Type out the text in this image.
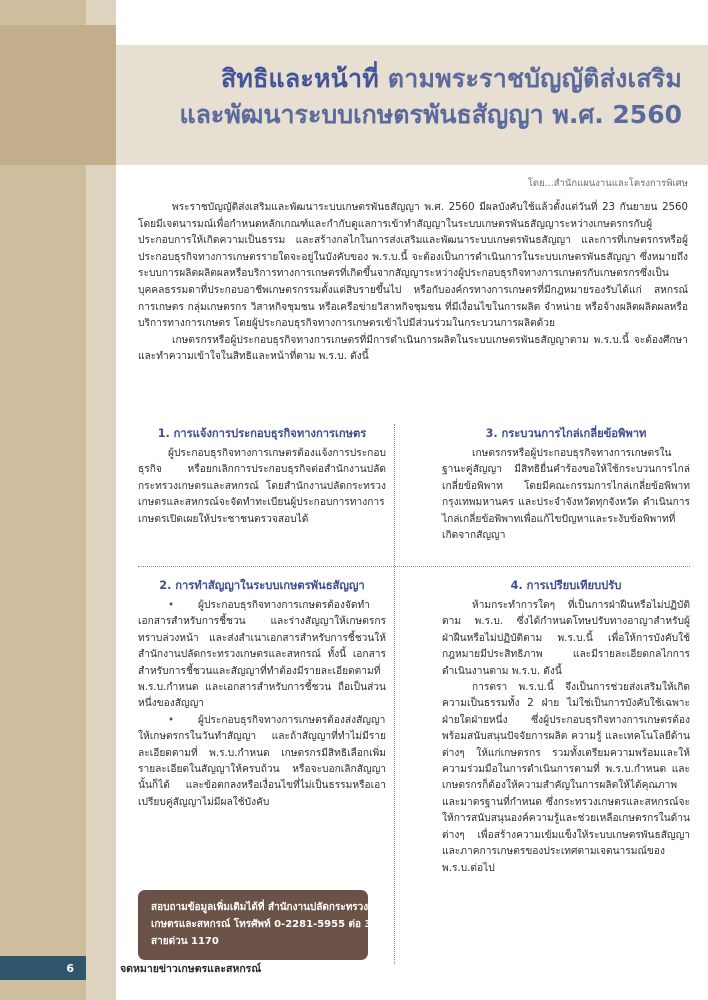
สิทธิและหน้าที่ ตามพระราชบัญญัติส่งเสริม
และพัฒนาระบบเกษตรพันธสัญญา พ.ศ. 2560
โดย...สำนักแผนงานและโครงการพิเศษ

พระราชบัญญัติส่งเสริมและพัฒนาระบบเกษตรพันธสัญญา พ.ศ. 2560 มีผลบังคับใช้แล้วตั้งแต่วันที่ 23 กันยายน 2560 โดยมีเจตนารมณ์เพื่อกำหนดหลักเกณฑ์และกำกับดูแลการเข้าทำสัญญาในระบบเกษตรพันธสัญญาระหว่างเกษตรกรกับผู้ประกอบการให้เกิดความเป็นธรรม และสร้างกลไกในการส่งเสริมและพัฒนาระบบเกษตรพันธสัญญา และการที่เกษตรกรหรือผู้ประกอบธุรกิจทางการเกษตรรายใดจะอยู่ในบังคับของ พ.ร.บ.นี้ จะต้องเป็นการดำเนินการในระบบเกษตรพันธสัญญา ซึ่งหมายถึง ระบบการผลิตผลิตผลหรือบริการทางการเกษตรที่เกิดขึ้นจากสัญญาระหว่างผู้ประกอบธุรกิจทางการเกษตรกับเกษตรกรซึ่งเป็นบุคคลธรรมดาที่ประกอบอาชีพเกษตรกรรมตั้งแต่สิบรายขึ้นไป หรือกับองค์กรทางการเกษตรที่มีกฎหมายรองรับได้แก่ สหกรณ์การเกษตร กลุ่มเกษตรกร วิสาหกิจชุมชน หรือเครือข่ายวิสาหกิจชุมชน ที่มีเงื่อนไขในการผลิต จำหน่าย หรือจ้างผลิตผลิตผลหรือบริการทางการเกษตร โดยผู้ประกอบธุรกิจทางการเกษตรเข้าไปมีส่วนร่วมในกระบวนการผลิตด้วย

เกษตรกรหรือผู้ประกอบธุรกิจทางการเกษตรที่มีการดำเนินการผลิตในระบบเกษตรพันธสัญญาตาม พ.ร.บ.นี้ จะต้องศึกษาและทำความเข้าใจในสิทธิและหน้าที่ตาม พ.ร.บ. ดังนี้

1. การแจ้งการประกอบธุรกิจทางการเกษตร

ผู้ประกอบธุรกิจทางการเกษตรต้องแจ้งการประกอบธุรกิจ หรือยกเลิกการประกอบธุรกิจต่อสำนักงานปลัดกระทรวงเกษตรและสหกรณ์ โดยสำนักงานปลัดกระทรวงเกษตรและสหกรณ์จะจัดทำทะเบียนผู้ประกอบการทางการเกษตรเปิดเผยให้ประชาชนตรวจสอบได้

3. กระบวนการไกล่เกลี่ยข้อพิพาท

เกษตรกรหรือผู้ประกอบธุรกิจทางการเกษตรในฐานะคู่สัญญา มีสิทธิยื่นคำร้องขอให้ใช้กระบวนการไกล่เกลี่ยข้อพิพาท โดยมีคณะกรรมการไกล่เกลี่ยข้อพิพาทกรุงเทพมหานคร และประจำจังหวัดทุกจังหวัด ดำเนินการไกล่เกลี่ยข้อพิพาทเพื่อแก้ไขปัญหาและระงับข้อพิพาทที่เกิดจากสัญญา

2. การทำสัญญาในระบบเกษตรพันธสัญญา

• ผู้ประกอบธุรกิจทางการเกษตรต้องจัดทำเอกสารสำหรับการชี้ชวน และร่างสัญญาให้เกษตรกรทราบล่วงหน้า และส่งสำเนาเอกสารสำหรับการชี้ชวนให้สำนักงานปลัดกระทรวงเกษตรและสหกรณ์ ทั้งนี้ เอกสารสำหรับการชี้ชวนและสัญญาที่ทำต้องมีรายละเอียดตามที่ พ.ร.บ.กำหนด และเอกสารสำหรับการชี้ชวน ถือเป็นส่วนหนึ่งของสัญญา

• ผู้ประกอบธุรกิจทางการเกษตรต้องส่งสัญญาให้เกษตรกรในวันทำสัญญา และถ้าสัญญาที่ทำไม่มีรายละเอียดตามที่ พ.ร.บ.กำหนด เกษตรกรมีสิทธิเลือกเพิ่มรายละเอียดในสัญญาให้ครบถ้วน หรือจะบอกเลิกสัญญานั้นก็ได้ และข้อตกลงหรือเงื่อนไขที่ไม่เป็นธรรมหรือเอาเปรียบคู่สัญญาไม่มีผลใช้บังคับ

4. การเปรียบเทียบปรับ

ห้ามกระทำการใดๆ ที่เป็นการฝ่าฝืนหรือไม่ปฏิบัติตาม พ.ร.บ. ซึ่งได้กำหนดโทษปรับทางอาญาสำหรับผู้ฝ่าฝืนหรือไม่ปฏิบัติตาม พ.ร.บ.นี้ เพื่อให้การบังคับใช้กฎหมายมีประสิทธิภาพ และมีรายละเอียดกลไกการดำเนินงานตาม พ.ร.บ. ดังนี้

การตรา พ.ร.บ.นี้ จึงเป็นการช่วยส่งเสริมให้เกิดความเป็นธรรมทั้ง 2 ฝ่าย ไม่ใช่เป็นการบังคับใช้เฉพาะฝ่ายใดฝ่ายหนึ่ง ซึ่งผู้ประกอบธุรกิจทางการเกษตรต้องพร้อมสนับสนุนปัจจัยการผลิต ความรู้ และเทคโนโลยีด้านต่างๆ ให้แก่เกษตรกร รวมทั้งเตรียมความพร้อมและให้ความร่วมมือในการดำเนินการตามที่ พ.ร.บ.กำหนด และเกษตรกรก็ต้องให้ความสำคัญในการผลิตให้ได้คุณภาพและมาตรฐานที่กำหนด ซึ่งกระทรวงเกษตรและสหกรณ์จะให้การสนับสนุนองค์ความรู้และช่วยเหลือเกษตรกรในด้านต่างๆ เพื่อสร้างความเข้มแข็งให้ระบบเกษตรพันธสัญญา และภาคการเกษตรของประเทศตามเจตนารมณ์ของ พ.ร.บ.ต่อไป

สอบถามข้อมูลเพิ่มเติมได้ที่ สำนักงานปลัดกระทรวง
เกษตรและสหกรณ์ โทรศัพท์ 0-2281-5955 ต่อ 354
สายด่วน 1170
6	จดหมายข่าวเกษตรและสหกรณ์
